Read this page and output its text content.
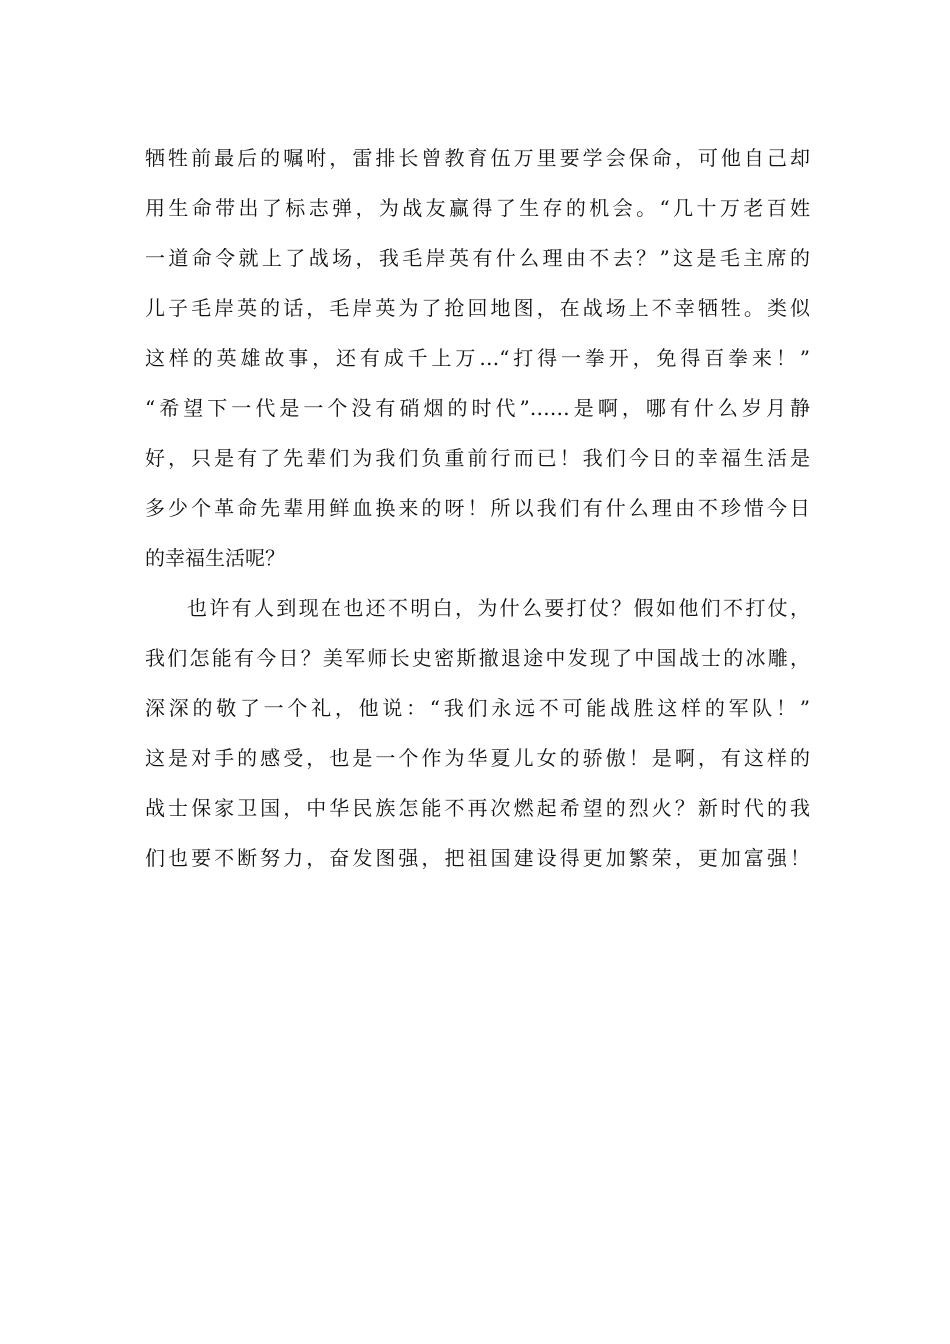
牺牲前最后的嘱咐，雷排长曾教育伍万里要学会保命，可他自己却
用生命带出了标志弹，为战友赢得了生存的机会。“几十万老百姓
一道命令就上了战场，我毛岸英有什么理由不去？”这是毛主席的
儿子毛岸英的话，毛岸英为了抢回地图，在战场上不幸牺牲。类似
这样的英雄故事，还有成千上万…“打得一拳开，免得百拳来！”
“希望下一代是一个没有硝烟的时代”……是啊，哪有什么岁月静
好，只是有了先辈们为我们负重前行而已！我们今日的幸福生活是
多少个革命先辈用鲜血换来的呀！所以我们有什么理由不珍惜今日
的幸福生活呢？
也许有人到现在也还不明白，为什么要打仗？假如他们不打仗，
我们怎能有今日？美军师长史密斯撤退途中发现了中国战士的冰雕，
深深的敬了一个礼，他说：“我们永远不可能战胜这样的军队！”
这是对手的感受，也是一个作为华夏儿女的骄傲！是啊，有这样的
战士保家卫国，中华民族怎能不再次燃起希望的烈火？新时代的我
们也要不断努力，奋发图强，把祖国建设得更加繁荣，更加富强！
